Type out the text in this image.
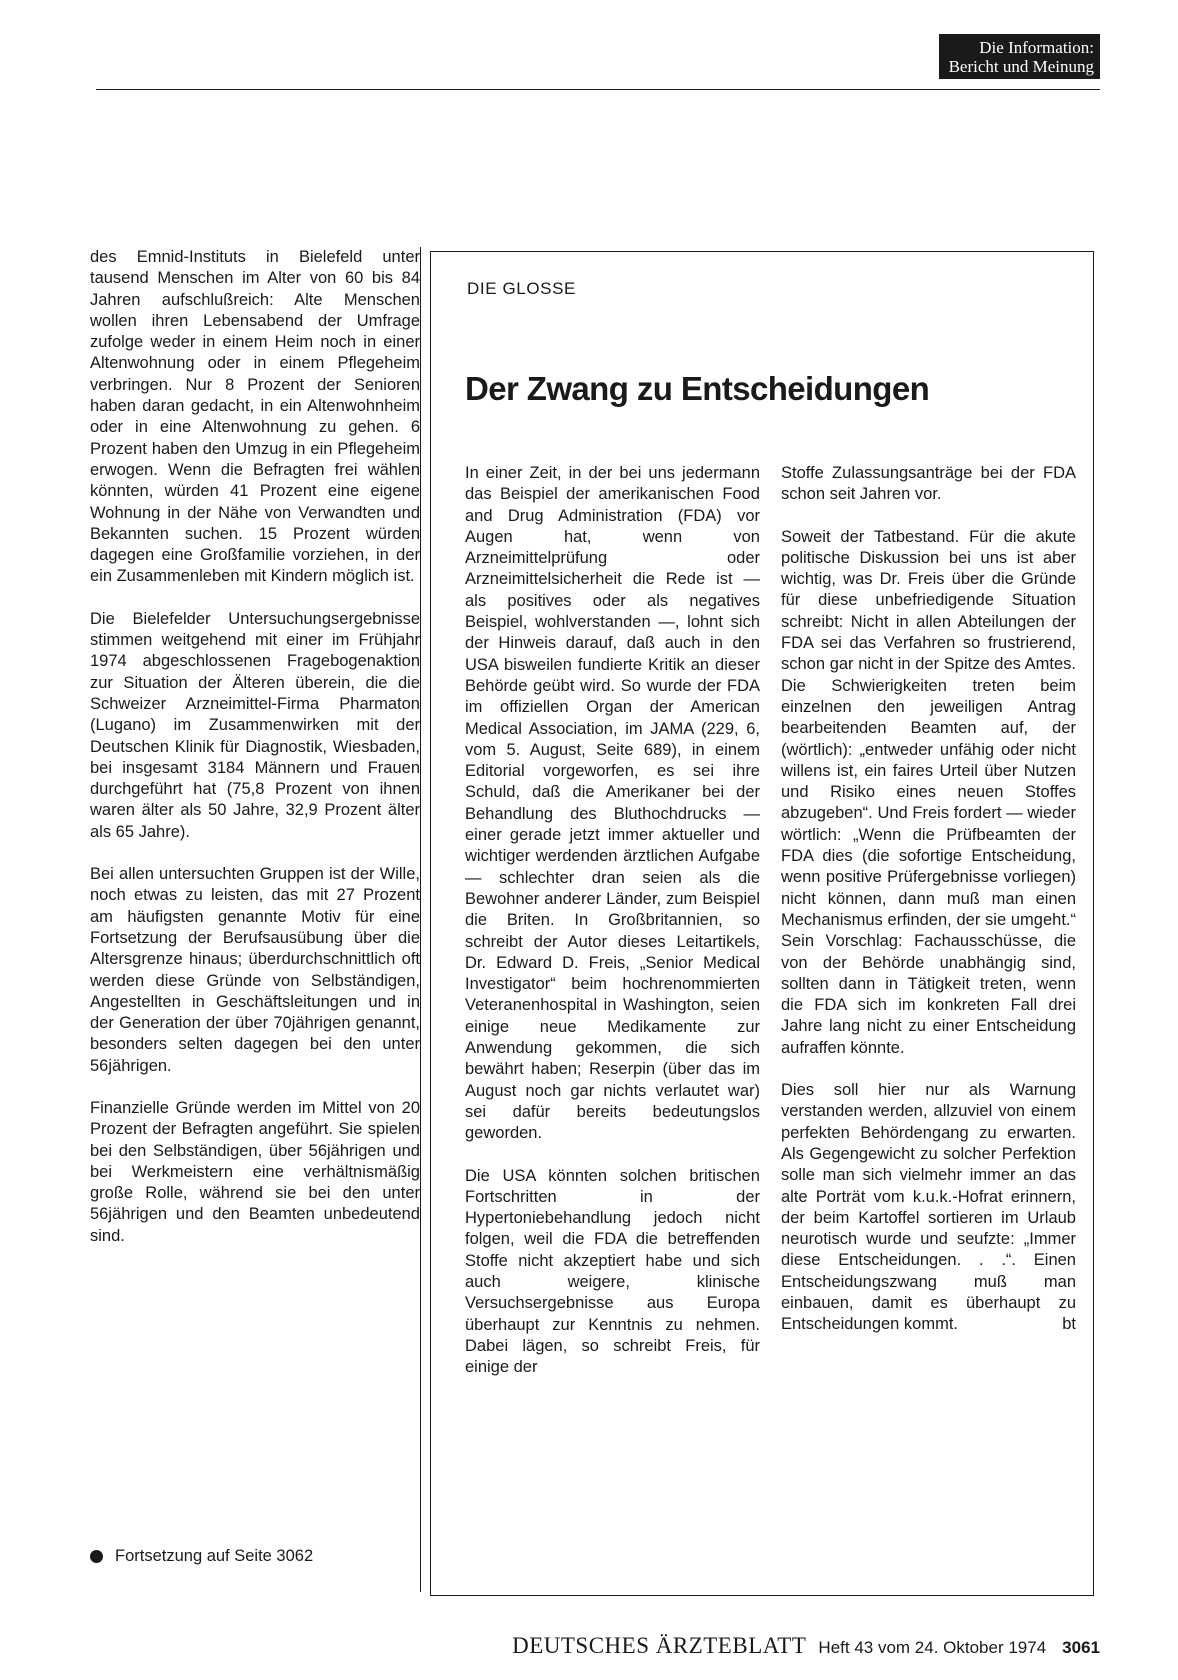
Die Information:
Bericht und Meinung

des Emnid-Instituts in Bielefeld unter tausend Menschen im Alter von 60 bis 84 Jahren aufschlußreich: Alte Menschen wollen ihren Lebensabend der Umfrage zufolge weder in einem Heim noch in einer Altenwohnung oder in einem Pflegeheim verbringen. Nur 8 Prozent der Senioren haben daran gedacht, in ein Altenwohnheim oder in eine Altenwohnung zu gehen. 6 Prozent haben den Umzug in ein Pflegeheim erwogen. Wenn die Befragten frei wählen könnten, würden 41 Prozent eine eigene Wohnung in der Nähe von Verwandten und Bekannten suchen. 15 Prozent würden dagegen eine Großfamilie vorziehen, in der ein Zusammenleben mit Kindern möglich ist.

Die Bielefelder Untersuchungsergebnisse stimmen weitgehend mit einer im Frühjahr 1974 abgeschlossenen Fragebogenaktion zur Situation der Älteren überein, die die Schweizer Arzneimittel-Firma Pharmaton (Lugano) im Zusammenwirken mit der Deutschen Klinik für Diagnostik, Wiesbaden, bei insgesamt 3184 Männern und Frauen durchgeführt hat (75,8 Prozent von ihnen waren älter als 50 Jahre, 32,9 Prozent älter als 65 Jahre).

Bei allen untersuchten Gruppen ist der Wille, noch etwas zu leisten, das mit 27 Prozent am häufigsten genannte Motiv für eine Fortsetzung der Berufsausübung über die Altersgrenze hinaus; überdurchschnittlich oft werden diese Gründe von Selbständigen, Angestellten in Geschäftsleitungen und in der Generation der über 70jährigen genannt, besonders selten dagegen bei den unter 56jährigen.

Finanzielle Gründe werden im Mittel von 20 Prozent der Befragten angeführt. Sie spielen bei den Selbständigen, über 56jährigen und bei Werkmeistern eine verhältnismäßig große Rolle, während sie bei den unter 56jährigen und den Beamten unbedeutend sind.

Fortsetzung auf Seite 3062
DIE GLOSSE
Der Zwang zu Entscheidungen

In einer Zeit, in der bei uns jedermann das Beispiel der amerikanischen Food and Drug Administration (FDA) vor Augen hat, wenn von Arzneimittelprüfung oder Arzneimittelsicherheit die Rede ist — als positives oder als negatives Beispiel, wohlverstanden —, lohnt sich der Hinweis darauf, daß auch in den USA bisweilen fundierte Kritik an dieser Behörde geübt wird. So wurde der FDA im offiziellen Organ der American Medical Association, im JAMA (229, 6, vom 5. August, Seite 689), in einem Editorial vorgeworfen, es sei ihre Schuld, daß die Amerikaner bei der Behandlung des Bluthochdrucks — einer gerade jetzt immer aktueller und wichtiger werdenden ärztlichen Aufgabe — schlechter dran seien als die Bewohner anderer Länder, zum Beispiel die Briten. In Großbritannien, so schreibt der Autor dieses Leitartikels, Dr. Edward D. Freis, „Senior Medical Investigator“ beim hochrenommierten Veteranenhospital in Washington, seien einige neue Medikamente zur Anwendung gekommen, die sich bewährt haben; Reserpin (über das im August noch gar nichts verlautet war) sei dafür bereits bedeutungslos geworden.

Die USA könnten solchen britischen Fortschritten in der Hypertoniebehandlung jedoch nicht folgen, weil die FDA die betreffenden Stoffe nicht akzeptiert habe und sich auch weigere, klinische Versuchsergebnisse aus Europa überhaupt zur Kenntnis zu nehmen. Dabei lägen, so schreibt Freis, für einige der

Stoffe Zulassungsanträge bei der FDA schon seit Jahren vor.

Soweit der Tatbestand. Für die akute politische Diskussion bei uns ist aber wichtig, was Dr. Freis über die Gründe für diese unbefriedigende Situation schreibt: Nicht in allen Abteilungen der FDA sei das Verfahren so frustrierend, schon gar nicht in der Spitze des Amtes. Die Schwierigkeiten treten beim einzelnen den jeweiligen Antrag bearbeitenden Beamten auf, der (wörtlich): „entweder unfähig oder nicht willens ist, ein faires Urteil über Nutzen und Risiko eines neuen Stoffes abzugeben“. Und Freis fordert — wieder wörtlich: „Wenn die Prüfbeamten der FDA dies (die sofortige Entscheidung, wenn positive Prüfergebnisse vorliegen) nicht können, dann muß man einen Mechanismus erfinden, der sie umgeht.“ Sein Vorschlag: Fachausschüsse, die von der Behörde unabhängig sind, sollten dann in Tätigkeit treten, wenn die FDA sich im konkreten Fall drei Jahre lang nicht zu einer Entscheidung aufraffen könnte.

Dies soll hier nur als Warnung verstanden werden, allzuviel von einem perfekten Behördengang zu erwarten. Als Gegengewicht zu solcher Perfektion solle man sich vielmehr immer an das alte Porträt vom k.u.k.-Hofrat erinnern, der beim Kartoffel sortieren im Urlaub neurotisch wurde und seufzte: „Immer diese Entscheidungen. . .“. Einen Entscheidungszwang muß man einbauen, damit es überhaupt zu Entscheidungen kommt.	bt

DEUTSCHES ÄRZTEBLATT Heft 43 vom 24. Oktober 1974 3061
